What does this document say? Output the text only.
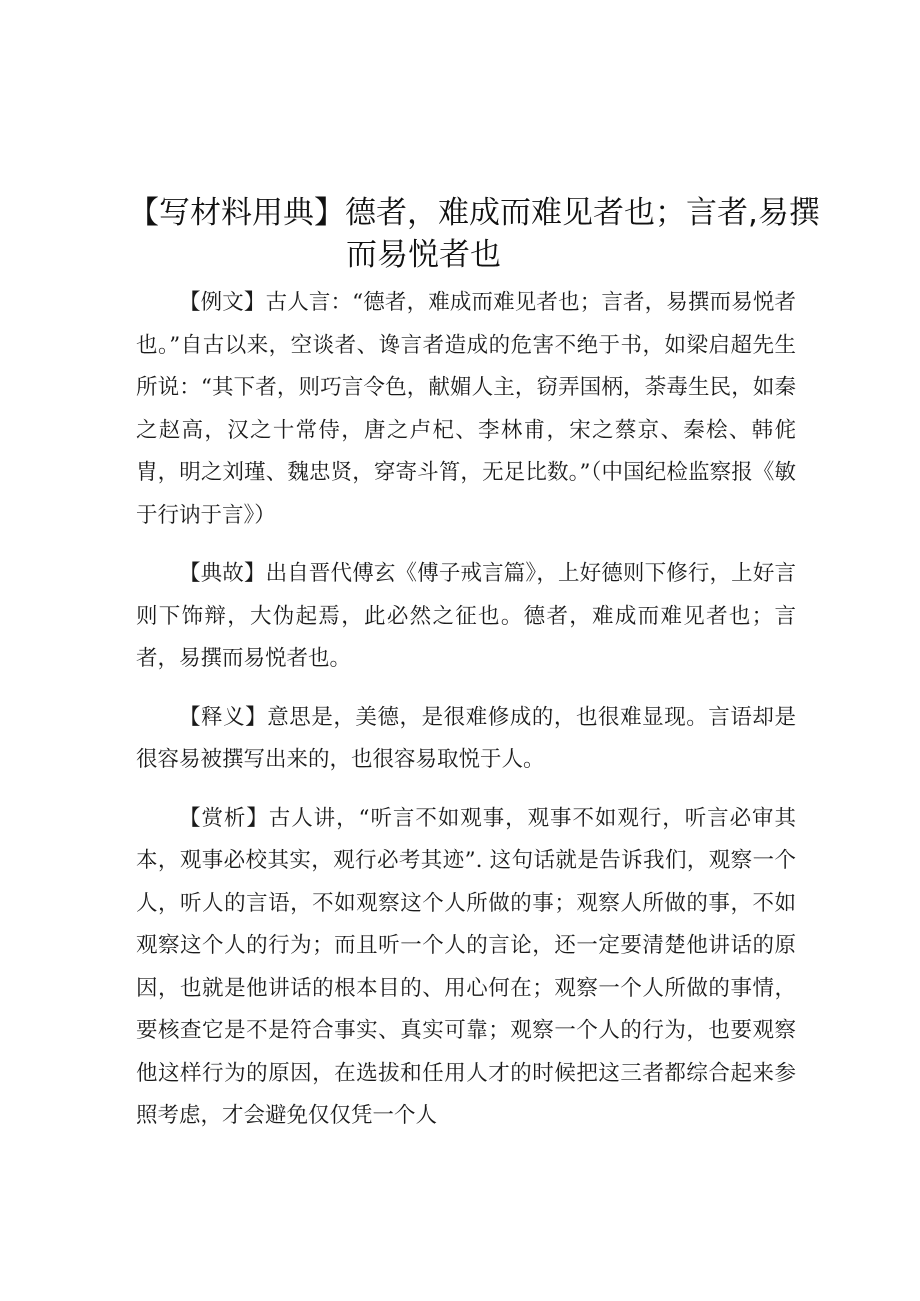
【写材料用典】德者，难成而难见者也；言者,易撰
而易悦者也

【例文】古人言：“德者，难成而难见者也；言者，易撰而易悦者也。”自古以来，空谈者、谗言者造成的危害不绝于书，如梁启超先生所说：“其下者，则巧言令色，献媚人主，窃弄国柄，荼毒生民，如秦之赵高，汉之十常侍，唐之卢杞、李林甫，宋之蔡京、秦桧、韩侂胄，明之刘瑾、魏忠贤，穿寄斗筲，无足比数。”（中国纪检监察报《敏于行讷于言》）

【典故】出自晋代傅玄《傅子戒言篇》，上好德则下修行，上好言则下饰辩，大伪起焉，此必然之征也。德者，难成而难见者也；言者，易撰而易悦者也。

【释义】意思是，美德，是很难修成的，也很难显现。言语却是很容易被撰写出来的，也很容易取悦于人。

【赏析】古人讲，“听言不如观事，观事不如观行，听言必审其本，观事必校其实，观行必考其迹”. 这句话就是告诉我们，观察一个人，听人的言语，不如观察这个人所做的事；观察人所做的事，不如观察这个人的行为；而且听一个人的言论，还一定要清楚他讲话的原因，也就是他讲话的根本目的、用心何在；观察一个人所做的事情，要核查它是不是符合事实、真实可靠；观察一个人的行为，也要观察他这样行为的原因，在选拔和任用人才的时候把这三者都综合起来参照考虑，才会避免仅仅凭一个人
